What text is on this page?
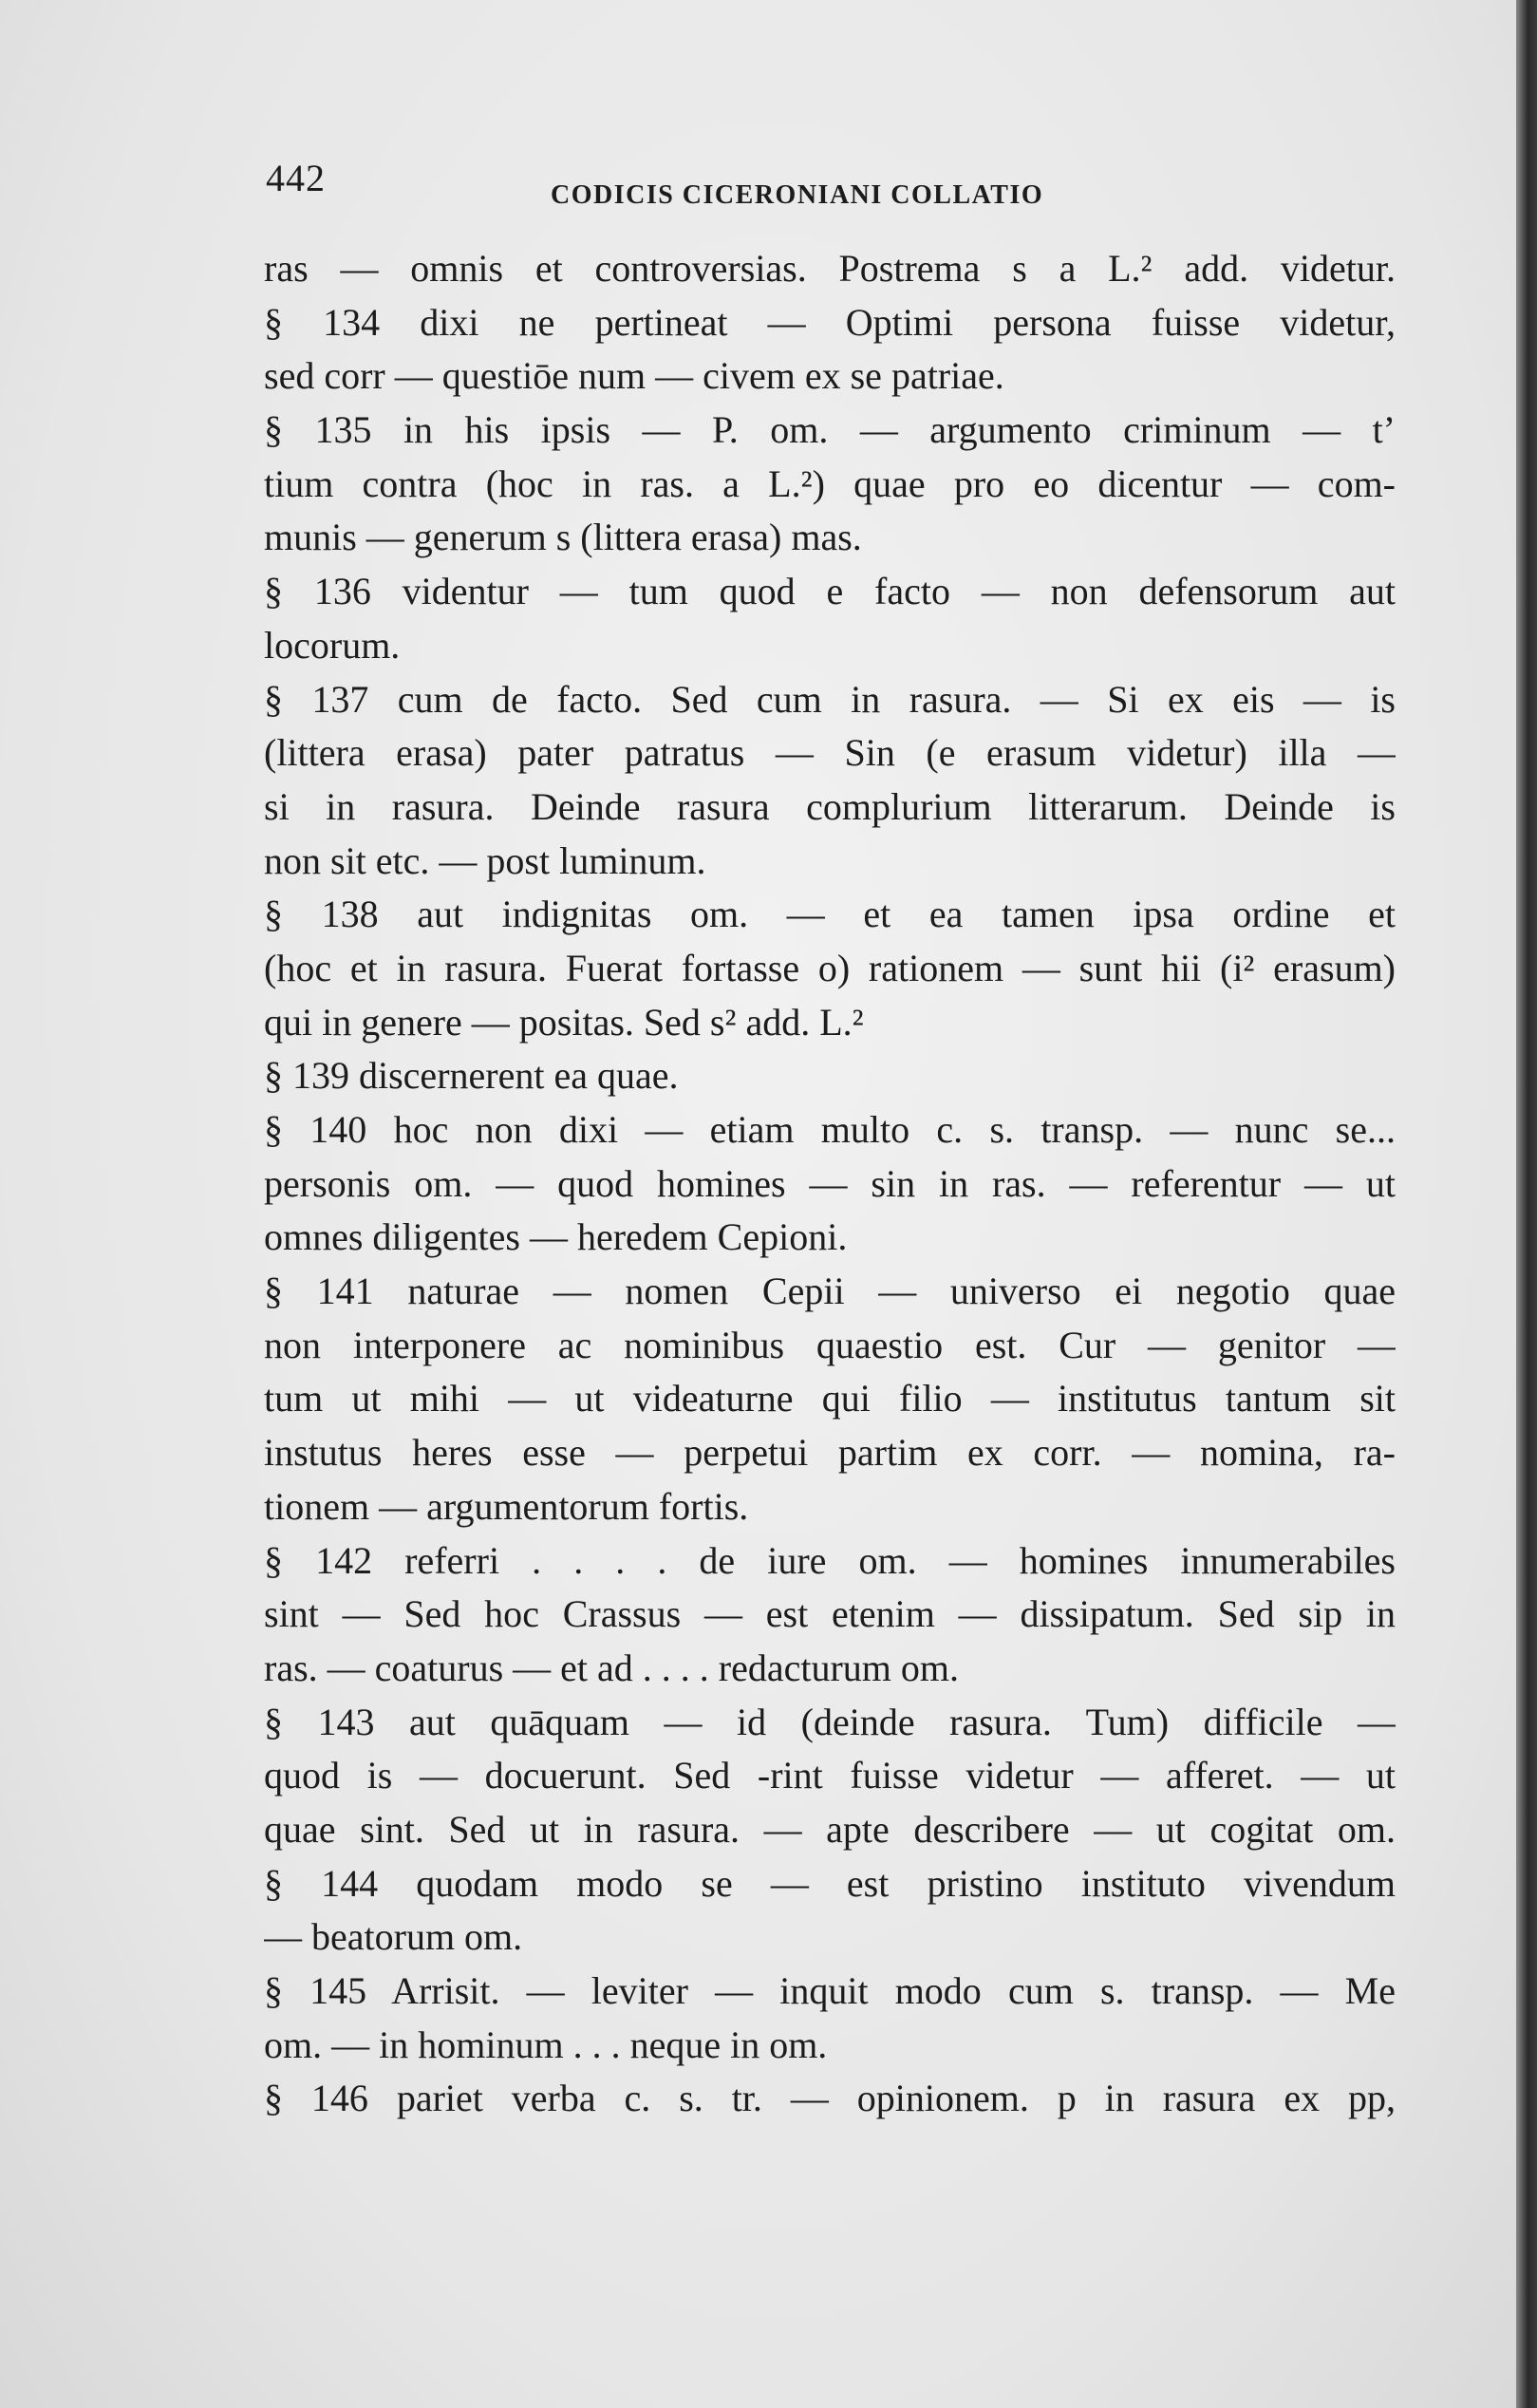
442	CODICIS CICERONIANI COLLATIO
ras — omnis et controversias. Postrema s a L.² add. videtur.
§ 134 dixi ne pertineat — Optimi persona fuisse videtur,
sed corr — questiōe num — civem ex se patriae.
§ 135 in his ipsis — P. om. — argumento criminum — t’
tium contra (hoc in ras. a L.²) quae pro eo dicentur — com-
munis — generum s (littera erasa) mas.
§ 136 videntur — tum quod e facto — non defensorum aut
locorum.
§ 137 cum de facto. Sed cum in rasura. — Si ex eis — is
(littera erasa) pater patratus — Sin (e erasum videtur) illa —
si in rasura. Deinde rasura complurium litterarum. Deinde is
non sit etc. — post luminum.
§ 138 aut indignitas om. — et ea tamen ipsa ordine et
(hoc et in rasura. Fuerat fortasse o) rationem — sunt hii (i² erasum)
qui in genere — positas. Sed s² add. L.²
§ 139 discernerent ea quae.
§ 140 hoc non dixi — etiam multo c. s. transp. — nunc se...
personis om. — quod homines — sin in ras. — referentur — ut
omnes diligentes — heredem Cepioni.
§ 141 naturae — nomen Cepii — universo ei negotio quae
non interponere ac nominibus quaestio est. Cur — genitor —
tum ut mihi — ut videaturne qui filio — institutus tantum sit
instutus heres esse — perpetui partim ex corr. — nomina, ra-
tionem — argumentorum fortis.
§ 142 referri . . . . de iure om. — homines innumerabiles
sint — Sed hoc Crassus — est etenim — dissipatum. Sed sip in
ras. — coaturus — et ad . . . . redacturum om.
§ 143 aut quāquam — id (deinde rasura. Tum) difficile —
quod is — docuerunt. Sed -rint fuisse videtur — afferet. — ut
quae sint. Sed ut in rasura. — apte describere — ut cogitat om.
§ 144 quodam modo se — est pristino instituto vivendum
— beatorum om.
§ 145 Arrisit. — leviter — inquit modo cum s. transp. — Me
om. — in hominum . . . neque in om.
§ 146 pariet verba c. s. tr. — opinionem. p in rasura ex pp,
